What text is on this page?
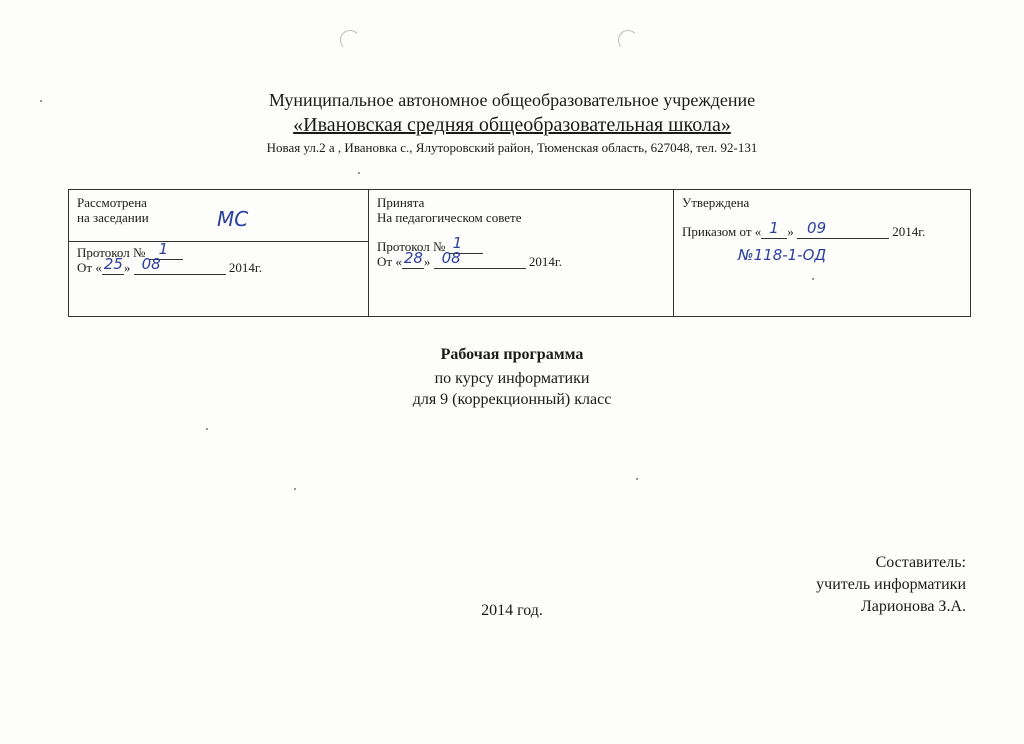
Муниципальное автономное общеобразовательное учреждение
«Ивановская средняя общеобразовательная школа»
Новая ул.2 а , Ивановка с., Ялуторовский район, Тюменская область, 627048, тел. 92-131
Рассмотрена
на заседании	МС
Протокол № 1
От « 25 » 08	2014г.
Принята
На педагогическом совете
Протокол № 1
От « 28 » 08	2014г.
Утверждена
Приказом от « 1 » 09	2014г.
№118-1-ОД
Рабочая программа
по курсу информатики
для 9 (коррекционный) класс
Составитель:
учитель информатики
Ларионова З.А.
2014 год.
